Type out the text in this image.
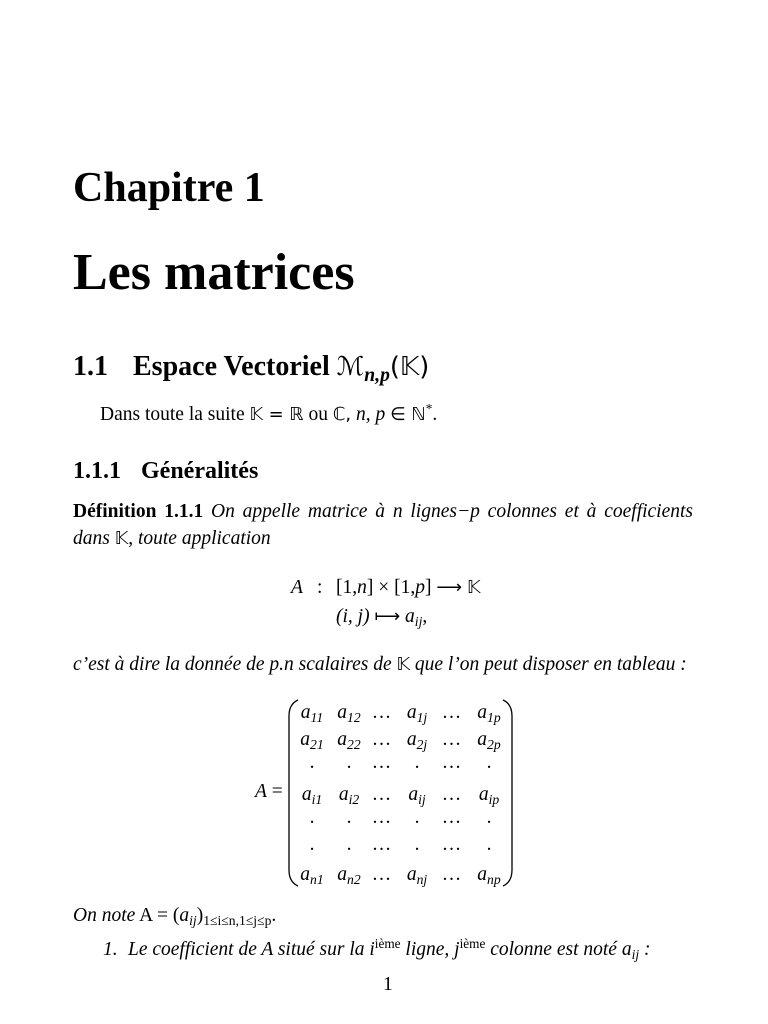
Chapitre 1
Les matrices
1.1 Espace Vectoriel ℳ$_{n,p}$(𝕂)
Dans toute la suite 𝕂 = ℝ ou ℂ, n, p ∈ ℕ*.
1.1.1 Généralités
Définition 1.1.1 On appelle matrice à n lignes−p colonnes et à coefficients
dans 𝕂, toute application
A : [1,n] × [1,p] ⟶ 𝕂
(i, j) ⟼ $a_{ij}$,
c’est à dire la donnée de p.n scalaires de 𝕂 que l’on peut disposer en tableau :
A =
$a_{11}$ $a_{12}$ … $a_{1j}$ … $a_{1p}$
$a_{21}$ $a_{22}$ … $a_{2j}$ … $a_{2p}$
. . … . … .
$a_{i1}$ $a_{i2}$ … $a_{ij}$ … $a_{ip}$
. . … . … .
. . … . … .
$a_{n1}$ $a_{n2}$ … $a_{nj}$ … $a_{np}$
On note $A = (a_{ij})_{1\le i\le n,1\le j\le p}$.
1. Le coefficient de A situé sur la $i^{ième}$ ligne, $j^{ième}$ colonne est noté $a_{ij}$ :
1
